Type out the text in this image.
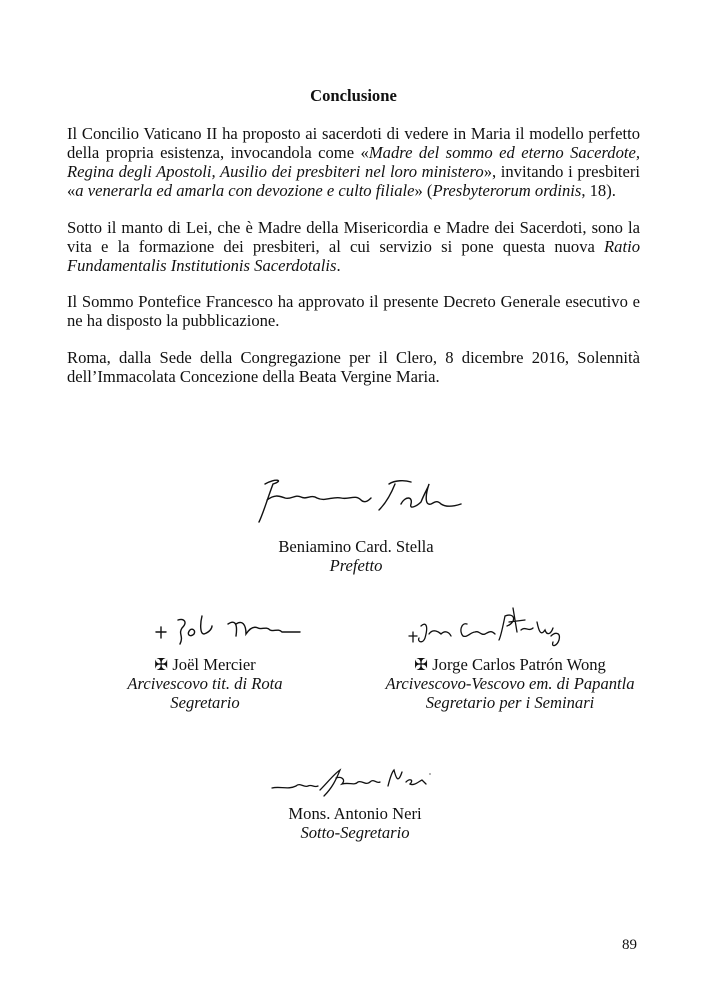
Conclusione

Il Concilio Vaticano II ha proposto ai sacerdoti di vedere in Maria il modello perfetto della propria esistenza, invocandola come «Madre del sommo ed eterno Sacerdote, Regina degli Apostoli, Ausilio dei presbiteri nel loro ministero», invitando i presbiteri «a venerarla ed amarla con devozione e culto filiale» (Presbyterorum ordinis, 18).

Sotto il manto di Lei, che è Madre della Misericordia e Madre dei Sacerdoti, sono la vita e la formazione dei presbiteri, al cui servizio si pone questa nuova Ratio Fundamentalis Institutionis Sacerdotalis.

Il Sommo Pontefice Francesco ha approvato il presente Decreto Generale esecutivo e ne ha disposto la pubblicazione.

Roma, dalla Sede della Congregazione per il Clero, 8 dicembre 2016, Solennità dell’Immacolata Concezione della Beata Vergine Maria.

Beniamino Card. Stella
Prefetto
✠ Joël Mercier
Arcivescovo tit. di Rota
Segretario
✠ Jorge Carlos Patrón Wong
Arcivescovo-Vescovo em. di Papantla
Segretario per i Seminari
Mons. Antonio Neri
Sotto-Segretario
89
